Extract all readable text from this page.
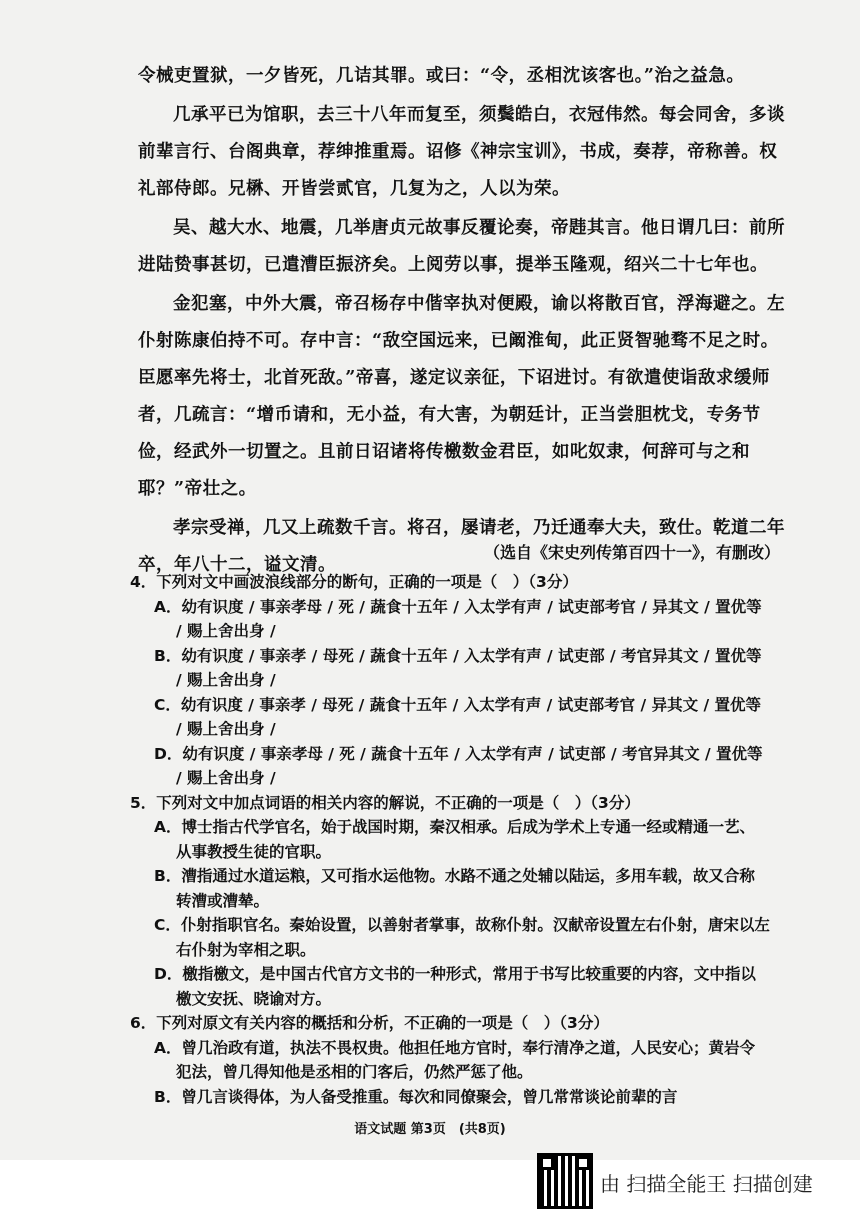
令械吏置狱，一夕皆死，几诘其罪。或曰：“令，丞相沈该客也。”治之益急。

几承平已为馆职，去三十八年而复至，须鬓皓白，衣冠伟然。每会同舍，多谈前辈言行、台阁典章，荐绅推重焉。诏修《神宗宝训》，书成，奏荐，帝称善。权礼部侍郎。兄楙、开皆尝贰官，几复为之，人以为荣。

吴、越大水、地震，几举唐贞元故事反覆论奏，帝韪其言。他日谓几曰：前所进陆贽事甚切，已遣漕臣振济矣。上阅劳以事，提举玉隆观，绍兴二十七年也。

金犯塞，中外大震，帝召杨存中偕宰执对便殿，谕以将散百官，浮海避之。左仆射陈康伯持不可。存中言：“敌空国远来，已阚淮甸，此正贤智驰骛不足之时。臣愿率先将士，北首死敌。”帝喜，遂定议亲征，下诏进讨。有欲遣使诣敌求缓师者，几疏言：“增币请和，无小益，有大害，为朝廷计，正当尝胆枕戈，专务节俭，经武外一切置之。且前日诏诸将传檄数金君臣，如叱奴隶，何辞可与之和耶？”帝壮之。

孝宗受禅，几又上疏数千言。将召，屡请老，乃迁通奉大夫，致仕。乾道二年卒，年八十二，谥文清。

（选自《宋史列传第百四十一》，有删改）

4．下列对文中画波浪线部分的断句，正确的一项是（　）（3分）

A．幼有识度 / 事亲孝母 / 死 / 蔬食十五年 / 入太学有声 / 试吏部考官 / 异其文 / 置优等 / 赐上舍出身 /

B．幼有识度 / 事亲孝 / 母死 / 蔬食十五年 / 入太学有声 / 试吏部 / 考官异其文 / 置优等 / 赐上舍出身 /

C．幼有识度 / 事亲孝 / 母死 / 蔬食十五年 / 入太学有声 / 试吏部考官 / 异其文 / 置优等 / 赐上舍出身 /

D．幼有识度 / 事亲孝母 / 死 / 蔬食十五年 / 入太学有声 / 试吏部 / 考官异其文 / 置优等 / 赐上舍出身 /

5．下列对文中加点词语的相关内容的解说，不正确的一项是（　）（3分）

A．博士指古代学官名，始于战国时期，秦汉相承。后成为学术上专通一经或精通一艺、从事教授生徒的官职。

B．漕指通过水道运粮，又可指水运他物。水路不通之处辅以陆运，多用车载，故又合称转漕或漕辇。

C．仆射指职官名。秦始设置，以善射者掌事，故称仆射。汉献帝设置左右仆射，唐宋以左右仆射为宰相之职。

D．檄指檄文，是中国古代官方文书的一种形式，常用于书写比较重要的内容，文中指以檄文安抚、晓谕对方。

6．下列对原文有关内容的概括和分析，不正确的一项是（　）（3分）

A．曾几治政有道，执法不畏权贵。他担任地方官时，奉行清净之道，人民安心；黄岩令犯法，曾几得知他是丞相的门客后，仍然严惩了他。

B．曾几言谈得体，为人备受推重。每次和同僚聚会，曾几常常谈论前辈的言

语文试题 第3页　(共8页)
由 扫描全能王 扫描创建
